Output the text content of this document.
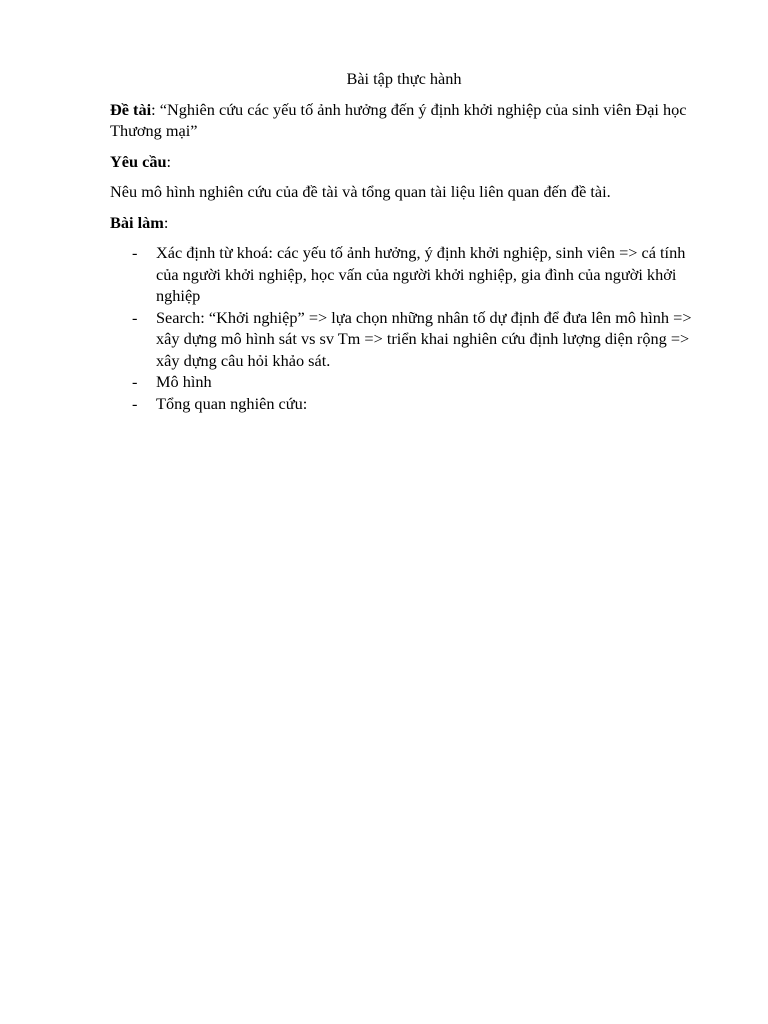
Bài tập thực hành
Đề tài: “Nghiên cứu các yếu tố ảnh hưởng đến ý định khởi nghiệp của sinh viên Đại học Thương mại”
Yêu cầu:
Nêu mô hình nghiên cứu của đề tài và tổng quan tài liệu liên quan đến đề tài.
Bài làm:
- Xác định từ khoá: các yếu tố ảnh hưởng, ý định khởi nghiệp, sinh viên => cá tính của người khởi nghiệp, học vấn của người khởi nghiệp, gia đình của người khởi nghiệp
- Search: “Khởi nghiệp” => lựa chọn những nhân tố dự định để đưa lên mô hình => xây dựng mô hình sát vs sv Tm => triển khai nghiên cứu định lượng diện rộng => xây dựng câu hỏi khảo sát.
- Mô hình
- Tổng quan nghiên cứu:
